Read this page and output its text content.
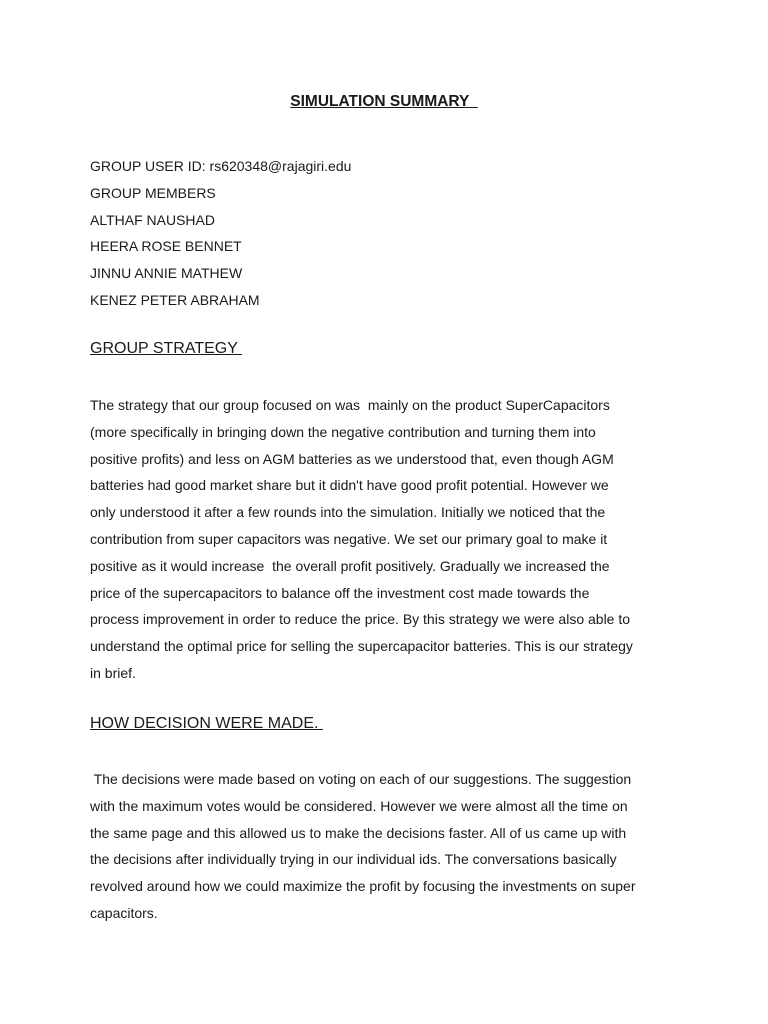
SIMULATION SUMMARY
GROUP USER ID: rs620348@rajagiri.edu
GROUP MEMBERS
ALTHAF NAUSHAD
HEERA ROSE BENNET
JINNU ANNIE MATHEW
KENEZ PETER ABRAHAM
GROUP STRATEGY

The strategy that our group focused on was  mainly on the product SuperCapacitors
(more specifically in bringing down the negative contribution and turning them into
positive profits) and less on AGM batteries as we understood that, even though AGM
batteries had good market share but it didn't have good profit potential. However we
only understood it after a few rounds into the simulation. Initially we noticed that the
contribution from super capacitors was negative. We set our primary goal to make it
positive as it would increase  the overall profit positively. Gradually we increased the
price of the supercapacitors to balance off the investment cost made towards the
process improvement in order to reduce the price. By this strategy we were also able to
understand the optimal price for selling the supercapacitor batteries. This is our strategy
in brief.

HOW DECISION WERE MADE.

The decisions were made based on voting on each of our suggestions. The suggestion
with the maximum votes would be considered. However we were almost all the time on
the same page and this allowed us to make the decisions faster. All of us came up with
the decisions after individually trying in our individual ids. The conversations basically
revolved around how we could maximize the profit by focusing the investments on super
capacitors.
